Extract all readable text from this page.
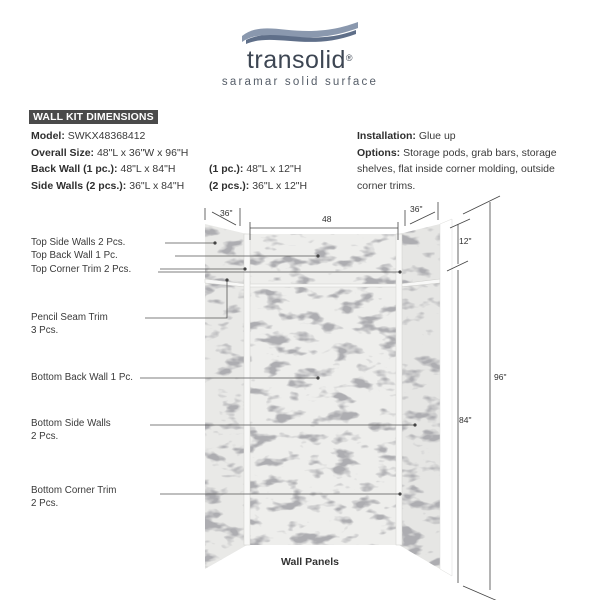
transolid®
saramar solid surface
WALL KIT DIMENSIONS
Model: SWKX48368412
Overall Size: 48"L x 36"W x 96"H
Back Wall (1 pc.): 48"L x 84"H	(1 pc.): 48"L x 12"H
Side Walls (2 pcs.): 36"L x 84"H (2 pcs.): 36"L x 12"H
Installation: Glue up
Options: Storage pods, grab bars, storage shelves, flat inside corner molding, outside corner trims.
36"
48
36"
12"
96"
84"
Top Side Walls 2 Pcs.
Top Back Wall 1 Pc.
Top Corner Trim 2 Pcs.
Pencil Seam Trim
3 Pcs.
Bottom Back Wall 1 Pc.
Bottom Side Walls
2 Pcs.
Bottom Corner Trim
2 Pcs.
Wall Panels
